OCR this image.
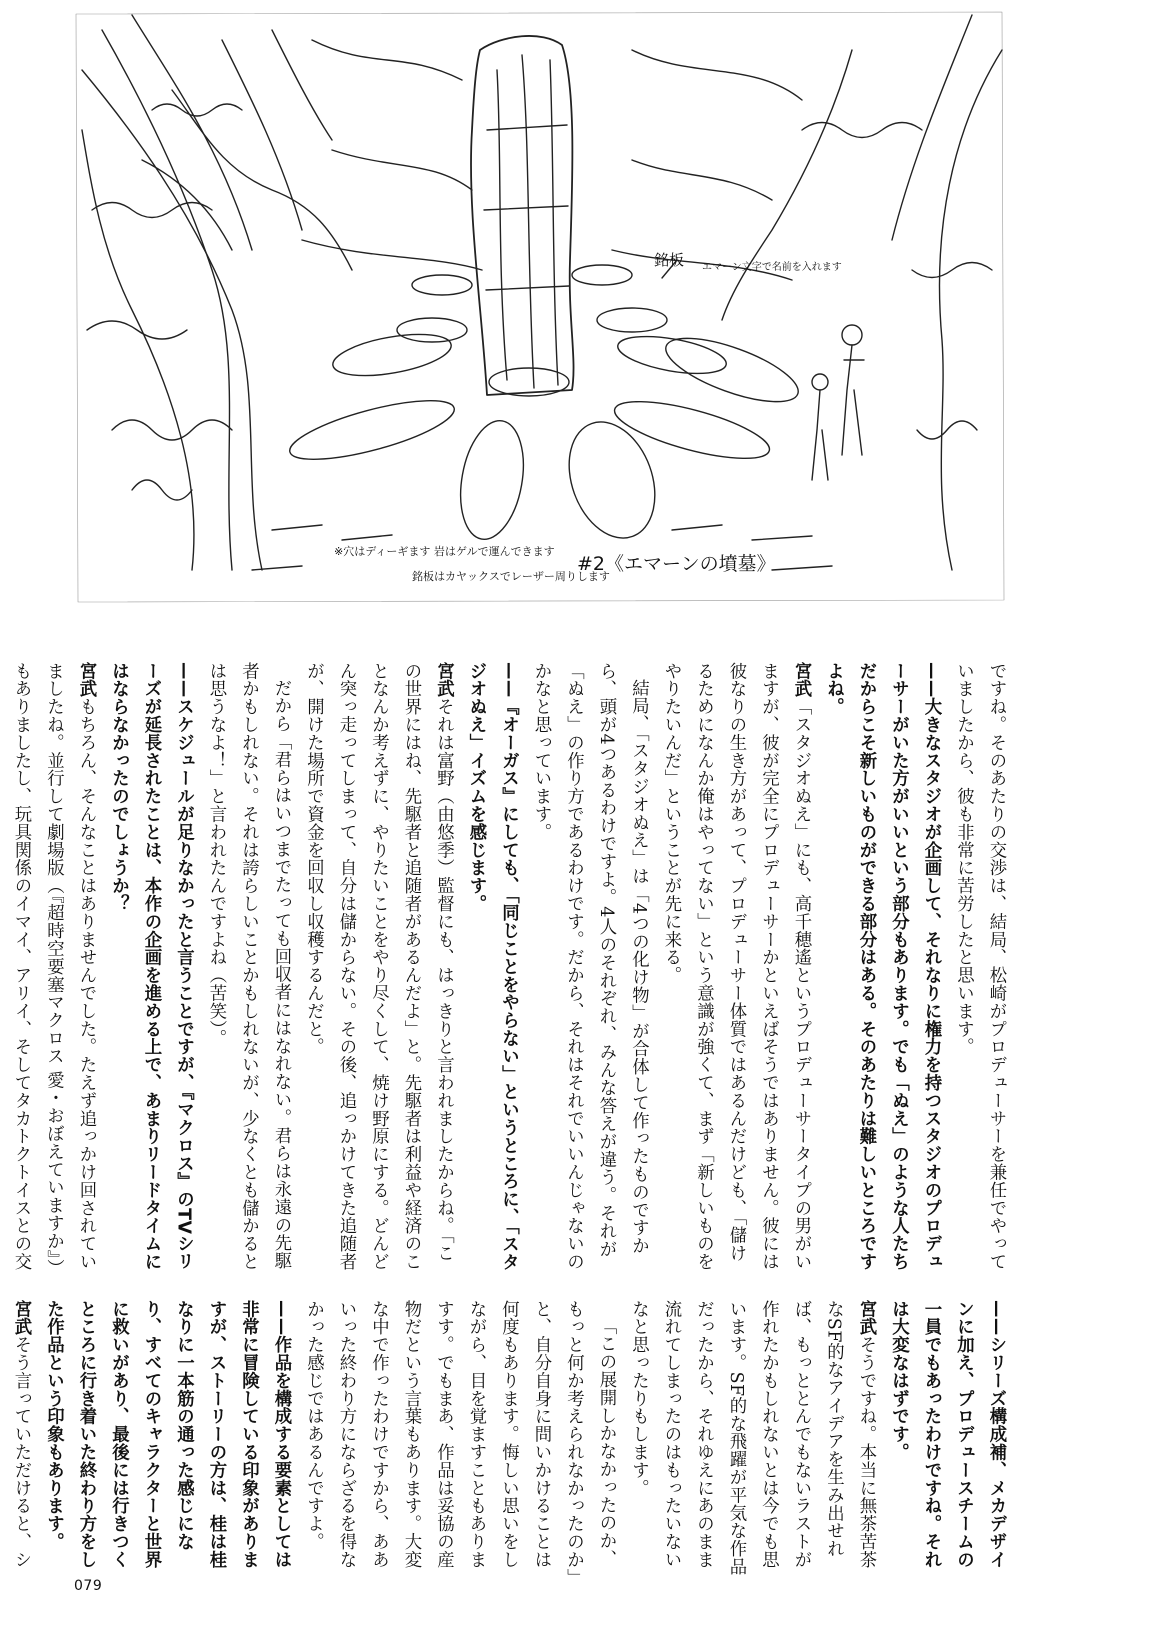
銘板 エマーン文字で名前を入れます
※穴はディーギます 岩はゲルで運んできます
銘板はカヤックスでレーザー周りします
#2《エマーンの墳墓》

ですね。そのあたりの交渉は、結局、松崎がプロデューサーを兼任でやっていましたから、彼も非常に苦労したと思います。

——大きなスタジオが企画して、それなりに権力を持つスタジオのプロデューサーがいた方がいいという部分もあります。でも「ぬえ」のような人たちだからこそ新しいものができる部分はある。そのあたりは難しいところですよね。

宮武「スタジオぬえ」にも、高千穂遙というプロデューサータイプの男がいますが、彼が完全にプロデューサーかといえばそうではありません。彼には彼なりの生き方があって、プロデューサー体質ではあるんだけども、「儲けるためになんか俺はやってない」という意識が強くて、まず「新しいものをやりたいんだ」ということが先に来る。

結局、「スタジオぬえ」は「4つの化け物」が合体して作ったものですから、頭が4つあるわけですよ。4人のそれぞれ、みんな答えが違う。それが「ぬえ」の作り方であるわけです。だから、それはそれでいいんじゃないのかなと思っています。

——『オーガス』にしても、「同じことをやらない」というところに、「スタジオぬえ」イズムを感じます。

宮武それは富野（由悠季）監督にも、はっきりと言われましたからね。「この世界にはね、先駆者と追随者があるんだよ」と。先駆者は利益や経済のことなんか考えずに、やりたいことをやり尽くして、焼け野原にする。どんどん突っ走ってしまって、自分は儲からない。その後、追っかけてきた追随者が、開けた場所で資金を回収し収穫するんだと。

だから「君らはいつまでたっても回収者にはなれない。君らは永遠の先駆者かもしれない。それは誇らしいことかもしれないが、少なくとも儲かるとは思うなよ！」と言われたんですよね（苦笑）。

——スケジュールが足りなかったと言うことですが、『マクロス』のTVシリーズが延長されたことは、本作の企画を進める上で、あまりリードタイムにはならなかったのでしょうか？

宮武もちろん、そんなことはありませんでした。たえず追っかけ回されていましたね。並行して劇場版（『超時空要塞マクロス 愛・おぼえていますか』）もありましたし、玩具関係のイマイ、アリイ、そしてタカトクトイスとの交

——シリーズ構成補、メカデザインに加え、プロデュースチームの一員でもあったわけですね。それは大変なはずです。

宮武そうですね。本当に無茶苦茶なSF的なアイデアを生み出せれば、もっととんでもないラストが作れたかもしれないとは今でも思います。SF的な飛躍が平気な作品だったから、それゆえにあのまま流れてしまったのはもったいないなと思ったりもします。

「この展開しかなかったのか、もっと何か考えられなかったのか」と、自分自身に問いかけることは何度もあります。悔しい思いをしながら、目を覚ますこともありますす。でもまあ、作品は妥協の産物だという言葉もあります。大変な中で作ったわけですから、ああいった終わり方にならざるを得なかった感じではあるんですよ。

——作品を構成する要素としては非常に冒険している印象がありますが、ストーリーの方は、桂は桂なりに一本筋の通った感じになり、すべてのキャラクターと世界に救いがあり、最後には行きつくところに行き着いた終わり方をした作品という印象もあります。

宮武そう言っていただけると、シ

079
